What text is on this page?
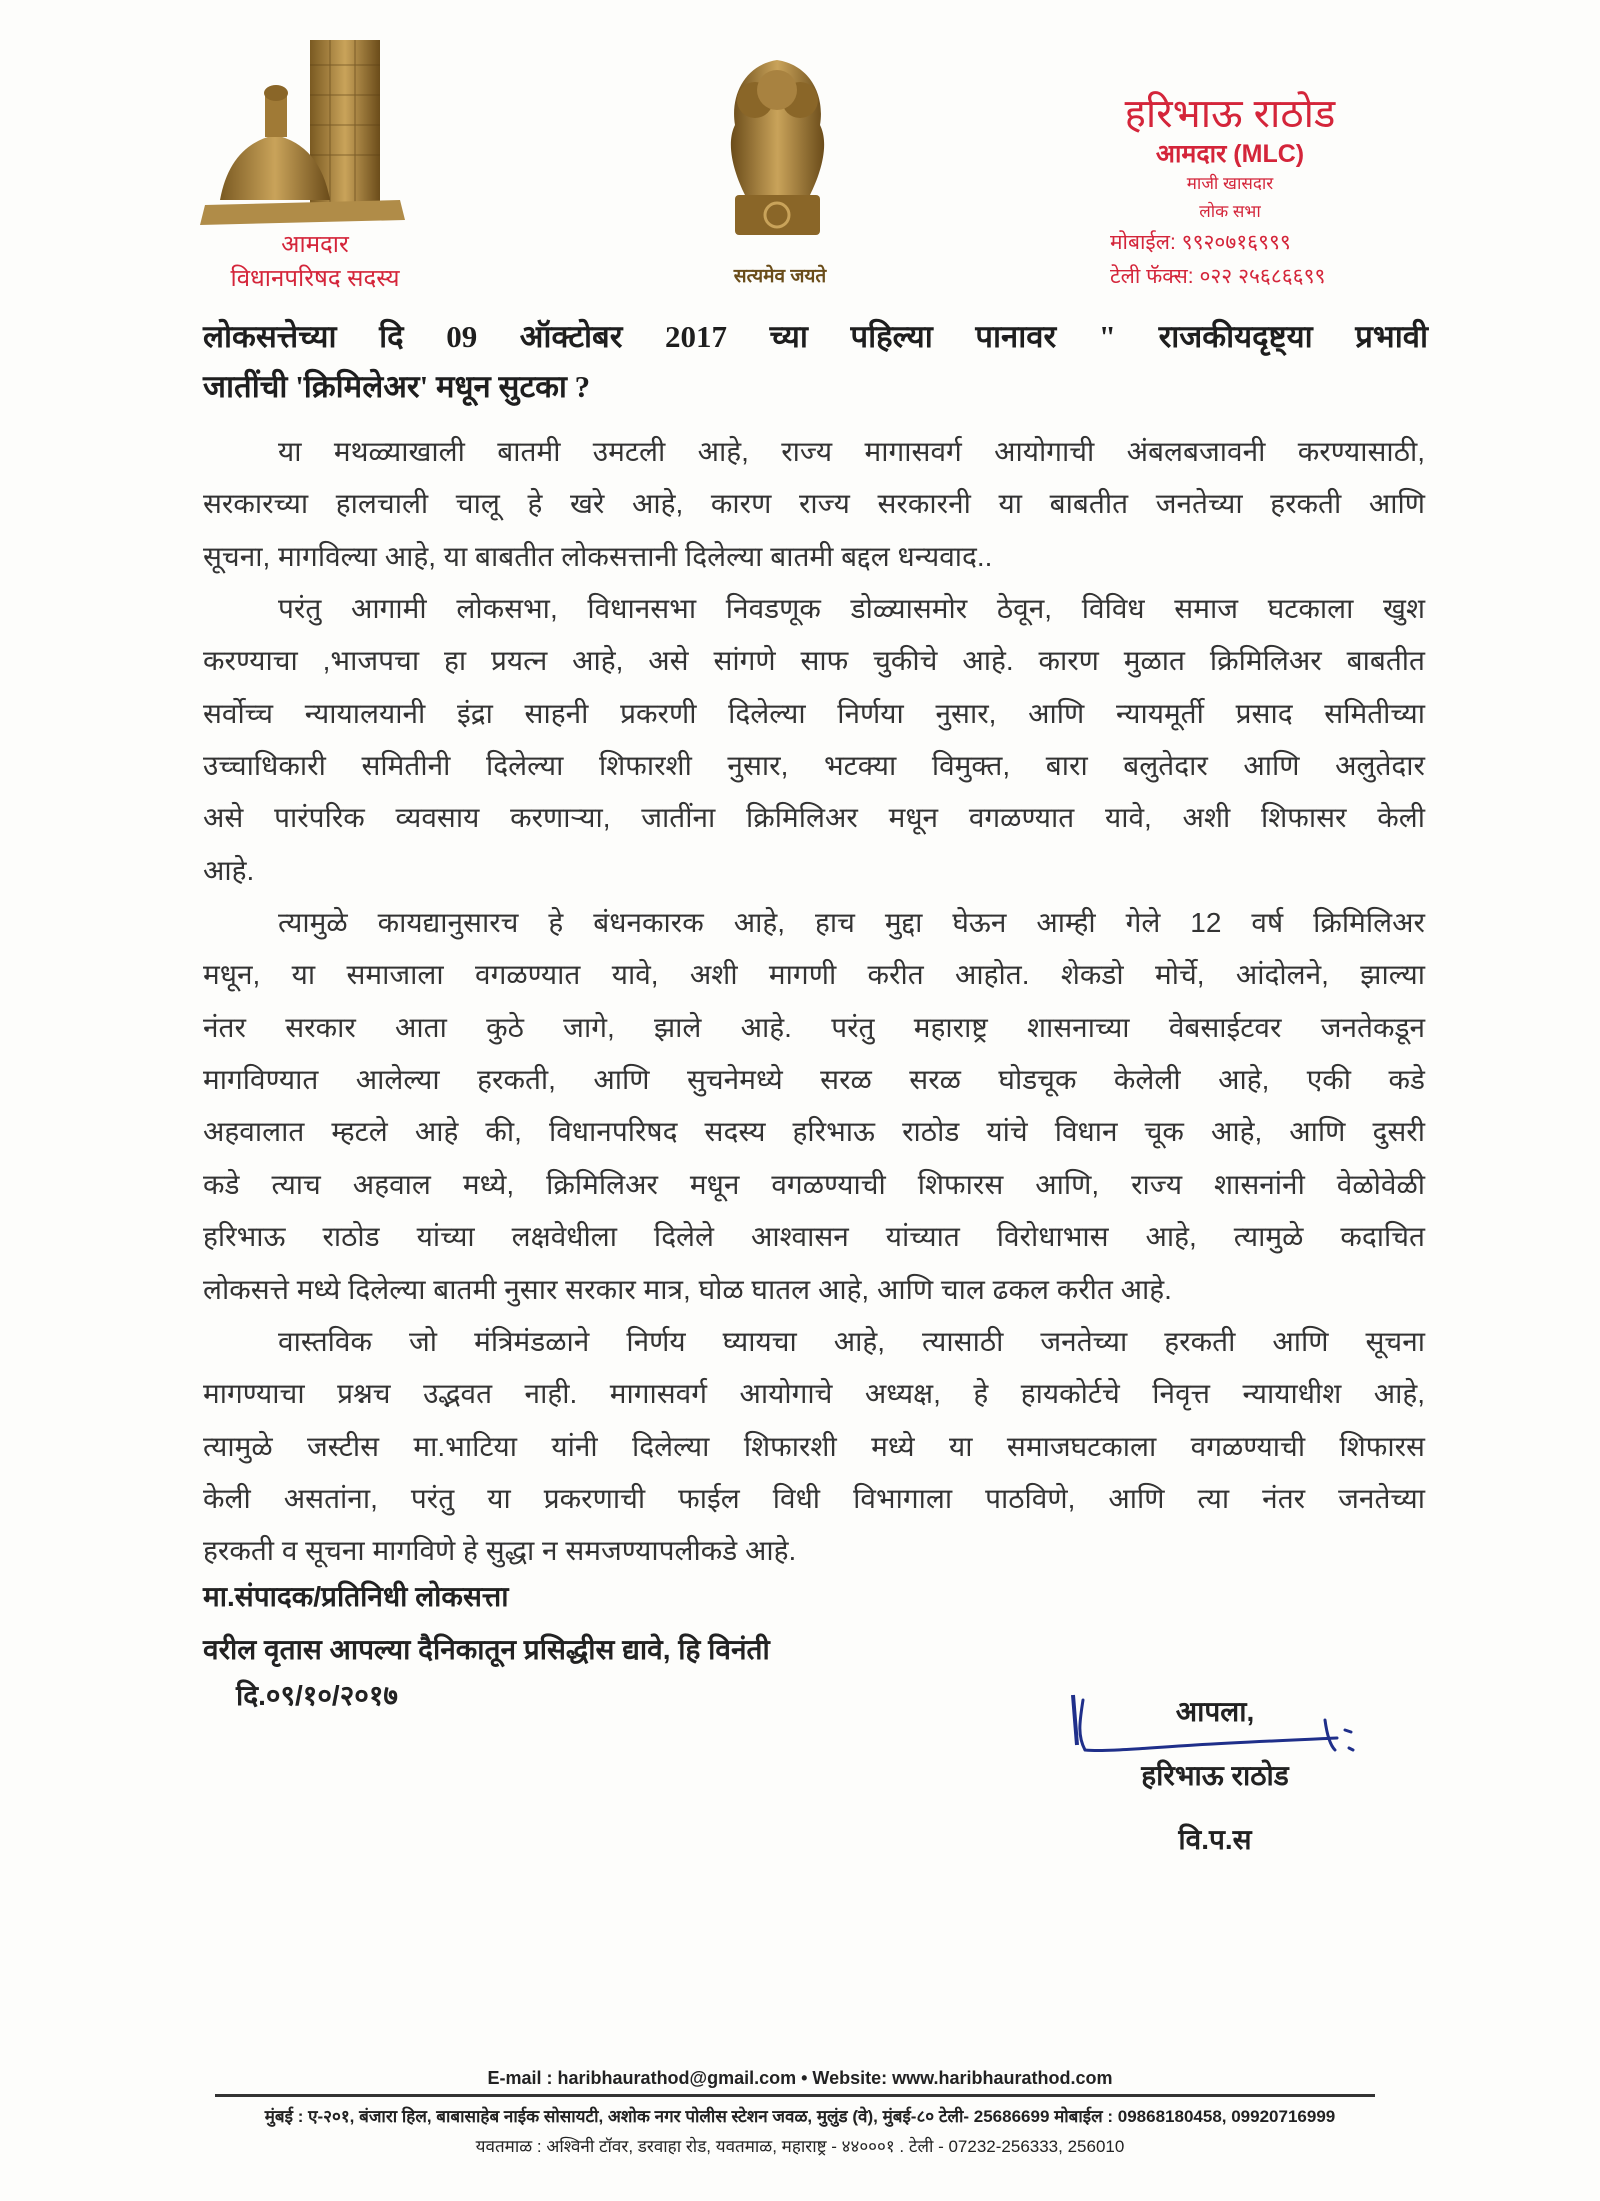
आमदार
विधानपरिषद सदस्य	सत्यमेव जयते
हरिभाऊ राठोड
आमदार (MLC)
माजी खासदार
लोक सभा
मोबाईल: ९९२०७१६९९९
टेली फॅक्स: ०२२ २५६८६६९९
लोकसत्तेच्या दि 09 ऑक्टोबर 2017 च्या पहिल्या पानावर " राजकीयदृष्ट्या प्रभावी
जातींची 'क्रिमिलेअर' मधून सुटका ?
या मथळ्याखाली बातमी उमटली आहे, राज्य मागासवर्ग आयोगाची अंबलबजावनी करण्यासाठी,
सरकारच्या हालचाली चालू हे खरे आहे, कारण राज्य सरकारनी या बाबतीत जनतेच्या हरकती आणि
सूचना, मागविल्या आहे, या बाबतीत लोकसत्तानी दिलेल्या बातमी बद्दल धन्यवाद..
परंतु आगामी लोकसभा, विधानसभा निवडणूक डोळ्यासमोर ठेवून, विविध समाज घटकाला खुश
करण्याचा ,भाजपचा हा प्रयत्न आहे, असे सांगणे साफ चुकीचे आहे. कारण मुळात क्रिमिलिअर बाबतीत
सर्वोच्च न्यायालयानी इंद्रा साहनी प्रकरणी दिलेल्या निर्णया नुसार, आणि न्यायमूर्ती प्रसाद समितीच्या
उच्चाधिकारी समितीनी दिलेल्या शिफारशी नुसार, भटक्या विमुक्त, बारा बलुतेदार आणि अलुतेदार
असे पारंपरिक व्यवसाय करणाऱ्या, जातींना क्रिमिलिअर मधून वगळण्यात यावे, अशी शिफासर केली
आहे.
त्यामुळे कायद्यानुसारच हे बंधनकारक आहे, हाच मुद्दा घेऊन आम्ही गेले 12 वर्ष क्रिमिलिअर
मधून, या समाजाला वगळण्यात यावे, अशी मागणी करीत आहोत. शेकडो मोर्चे, आंदोलने, झाल्या
नंतर सरकार आता कुठे जागे, झाले आहे. परंतु महाराष्ट्र शासनाच्या वेबसाईटवर जनतेकडून
मागविण्यात आलेल्या हरकती, आणि सुचनेमध्ये सरळ सरळ घोडचूक केलेली आहे, एकी कडे
अहवालात म्हटले आहे की, विधानपरिषद सदस्य हरिभाऊ राठोड यांचे विधान चूक आहे, आणि दुसरी
कडे त्याच अहवाल मध्ये, क्रिमिलिअर मधून वगळण्याची शिफारस आणि, राज्य शासनांनी वेळोवेळी
हरिभाऊ राठोड यांच्या लक्षवेधीला दिलेले आश्वासन यांच्यात विरोधाभास आहे, त्यामुळे कदाचित
लोकसत्ते मध्ये दिलेल्या बातमी नुसार सरकार मात्र, घोळ घातल आहे, आणि चाल ढकल करीत आहे.
वास्तविक जो मंत्रिमंडळाने निर्णय घ्यायचा आहे, त्यासाठी जनतेच्या हरकती आणि सूचना
मागण्याचा प्रश्नच उद्भवत नाही. मागासवर्ग आयोगाचे अध्यक्ष, हे हायकोर्टचे निवृत्त न्यायाधीश आहे,
त्यामुळे जस्टीस मा.भाटिया यांनी दिलेल्या शिफारशी मध्ये या समाजघटकाला वगळण्याची शिफारस
केली असतांना, परंतु या प्रकरणाची फाईल विधी विभागाला पाठविणे, आणि त्या नंतर जनतेच्या
हरकती व सूचना मागविणे हे सुद्धा न समजण्यापलीकडे आहे.
मा.संपादक/प्रतिनिधी लोकसत्ता
वरील वृतास आपल्या दैनिकातून प्रसिद्धीस द्यावे, हि विनंती
दि.०९/१०/२०१७
आपला,
हरिभाऊ राठोड
वि.प.स
E-mail : haribhaurathod@gmail.com • Website: www.haribhaurathod.com
मुंबई : ए-२०१, बंजारा हिल, बाबासाहेब नाईक सोसायटी, अशोक नगर पोलीस स्टेशन जवळ, मुलुंड (वे), मुंबई-८० टेली- 25686699 मोबाईल : 09868180458, 09920716999
यवतमाळ : अश्विनी टॉवर, डरवाहा रोड, यवतमाळ, महाराष्ट्र - ४४०००१ . टेली - 07232-256333, 256010
